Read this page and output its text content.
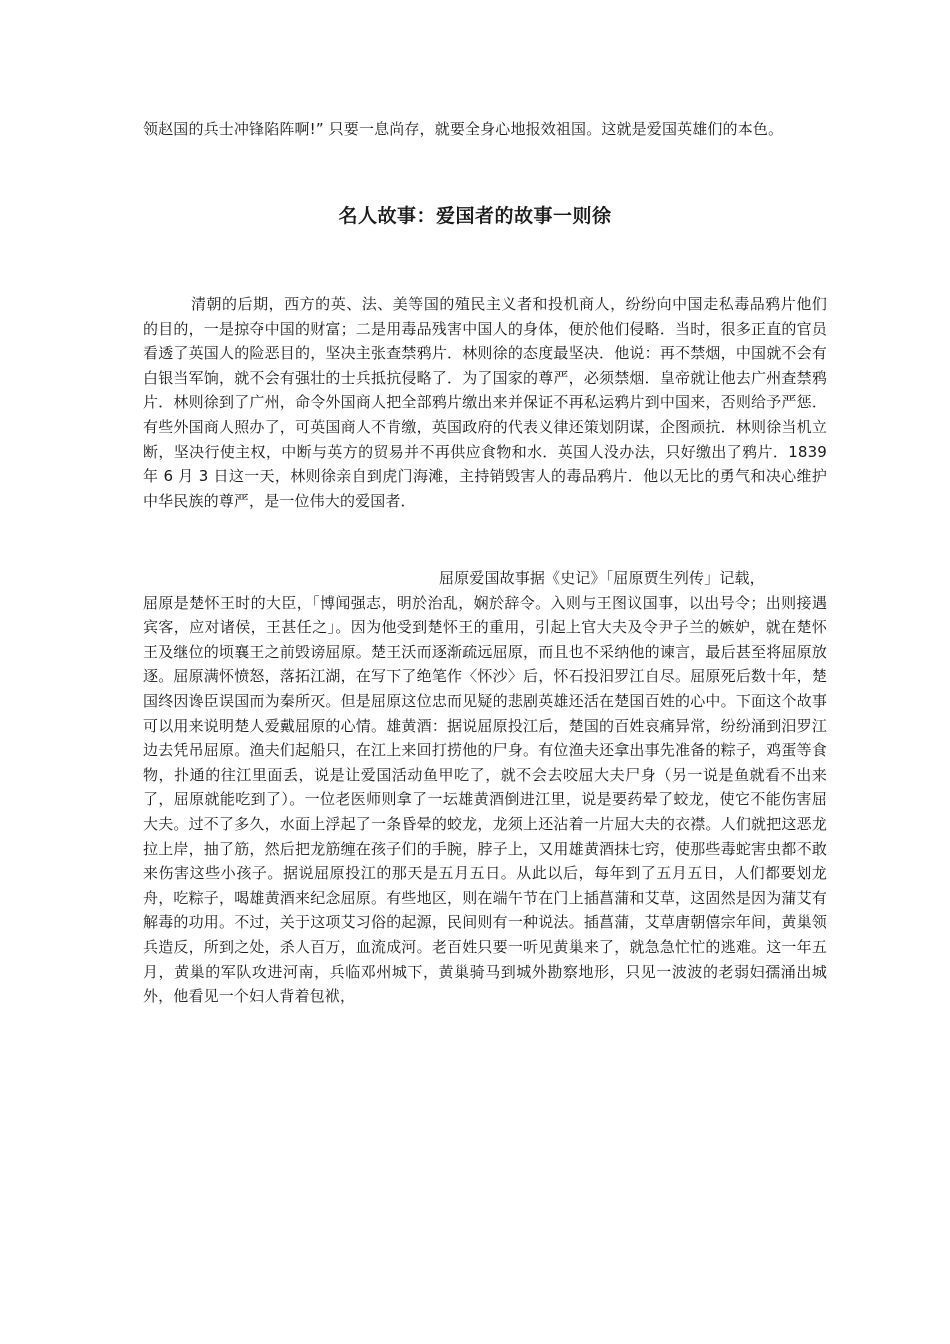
领赵国的兵士冲锋陷阵啊!” 只要一息尚存，就要全身心地报效祖国。这就是爱国英雄们的本色。
名人故事：爱国者的故事一则徐
清朝的后期，西方的英、法、美等国的殖民主义者和投机商人，纷纷向中国走私毒品鸦片他们的目的，一是掠夺中国的财富；二是用毒品残害中国人的身体，便於他们侵略．当时，很多正直的官员看透了英国人的险恶目的，坚决主张查禁鸦片．林则徐的态度最坚决．他说：再不禁烟，中国就不会有白银当军饷，就不会有强壮的士兵抵抗侵略了．为了国家的尊严，必须禁烟．皇帝就让他去广州查禁鸦片．林则徐到了广州，命令外国商人把全部鸦片缴出来并保证不再私运鸦片到中国来，否则给予严惩．有些外国商人照办了，可英国商人不肯缴，英国政府的代表义律还策划阴谋，企图顽抗．林则徐当机立断，坚决行使主权，中断与英方的贸易并不再供应食物和水．英国人没办法，只好缴出了鸦片．1839年 6 月 3 日这一天，林则徐亲自到虎门海滩，主持销毁害人的毒品鸦片．他以无比的勇气和决心维护中华民族的尊严，是一位伟大的爱国者．
屈原爱国故事据《史记》「屈原贾生列传」记载，
屈原是楚怀王时的大臣，「博闻强志，明於治乱，娴於辞令。入则与王图议国事，以出号令；出则接遇宾客，应对诸侯，王甚任之」。因为他受到楚怀王的重用，引起上官大夫及令尹子兰的嫉妒，就在楚怀王及继位的顷襄王之前毁谤屈原。楚王沃而逐渐疏远屈原，而且也不采纳他的谏言，最后甚至将屈原放逐。屈原满怀愤怒，落拓江湖，在写下了绝笔作〈怀沙〉后，怀石投汨罗江自尽。屈原死后数十年，楚国终因谗臣误国而为秦所灭。但是屈原这位忠而见疑的悲剧英雄还活在楚国百姓的心中。下面这个故事可以用来说明楚人爱戴屈原的心情。雄黄酒：据说屈原投江后，楚国的百姓哀痛异常，纷纷涌到汨罗江边去凭吊屈原。渔夫们起船只，在江上来回打捞他的尸身。有位渔夫还拿出事先准备的粽子，鸡蛋等食物，扑通的往江里面丢，说是让爱国活动鱼甲吃了，就不会去咬屈大夫尸身（另一说是鱼就看不出来了，屈原就能吃到了）。一位老医师则拿了一坛雄黄酒倒进江里，说是要药晕了蛟龙，使它不能伤害屈大夫。过不了多久，水面上浮起了一条昏晕的蛟龙，龙须上还沾着一片屈大夫的衣襟。人们就把这恶龙拉上岸，抽了筋，然后把龙筋缠在孩子们的手腕，脖子上，又用雄黄酒抹七窍，使那些毒蛇害虫都不敢来伤害这些小孩子。据说屈原投江的那天是五月五日。从此以后，每年到了五月五日，人们都要划龙舟，吃粽子，喝雄黄酒来纪念屈原。有些地区，则在端午节在门上插菖蒲和艾草，这固然是因为蒲艾有解毒的功用。不过，关于这项艾习俗的起源，民间则有一种说法。插菖蒲，艾草唐朝僖宗年间，黄巢领兵造反，所到之处，杀人百万，血流成河。老百姓只要一听见黄巢来了，就急急忙忙的逃难。这一年五月，黄巢的军队攻进河南，兵临邓州城下，黄巢骑马到城外勘察地形，只见一波波的老弱妇孺涌出城外，他看见一个妇人背着包袱，
